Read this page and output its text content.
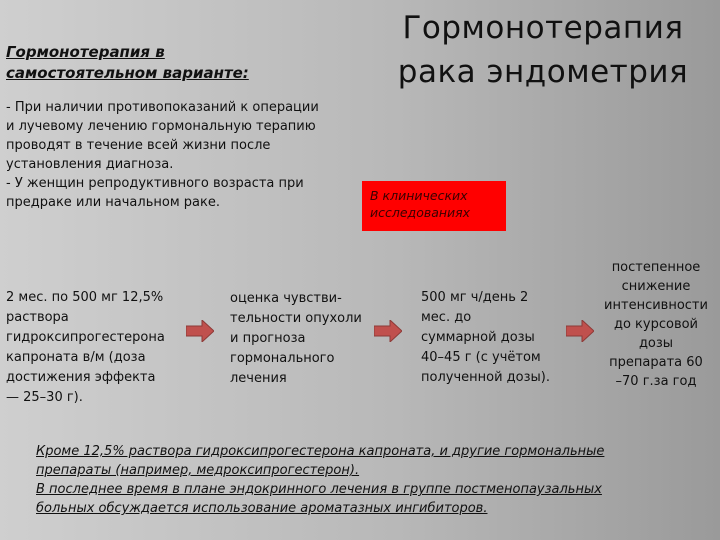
Гормонотерапия
рака эндометрия
Гормонотерапия в
самостоятельном варианте:
- При наличии противопоказаний к операции
и лучевому лечению гормональную терапию
проводят в течение всей жизни после
установления диагноза.
- У женщин репродуктивного возраста при
предраке или начальном раке.	В клинических
исследованиях
2 мес. по 500 мг 12,5%
раствора
гидроксипрогестерона
капроната в/м (доза
достижения эффекта
— 25–30 г).
оценка чувстви-
тельности опухоли
и прогноза
гормонального
лечения
500 мг ч/день 2
мес. до
суммарной дозы
40–45 г (с учётом
полученной дозы).
постепенное
снижение
интенсивности
до курсовой
дозы
препарата 60
–70 г.за год
Кроме 12,5% раствора гидроксипрогестерона капроната, и другие гормональные
препараты (например, медроксипрогестерон).
В последнее время в плане эндокринного лечения в группе постменопаузальных
больных обсуждается использование ароматазных ингибиторов.
